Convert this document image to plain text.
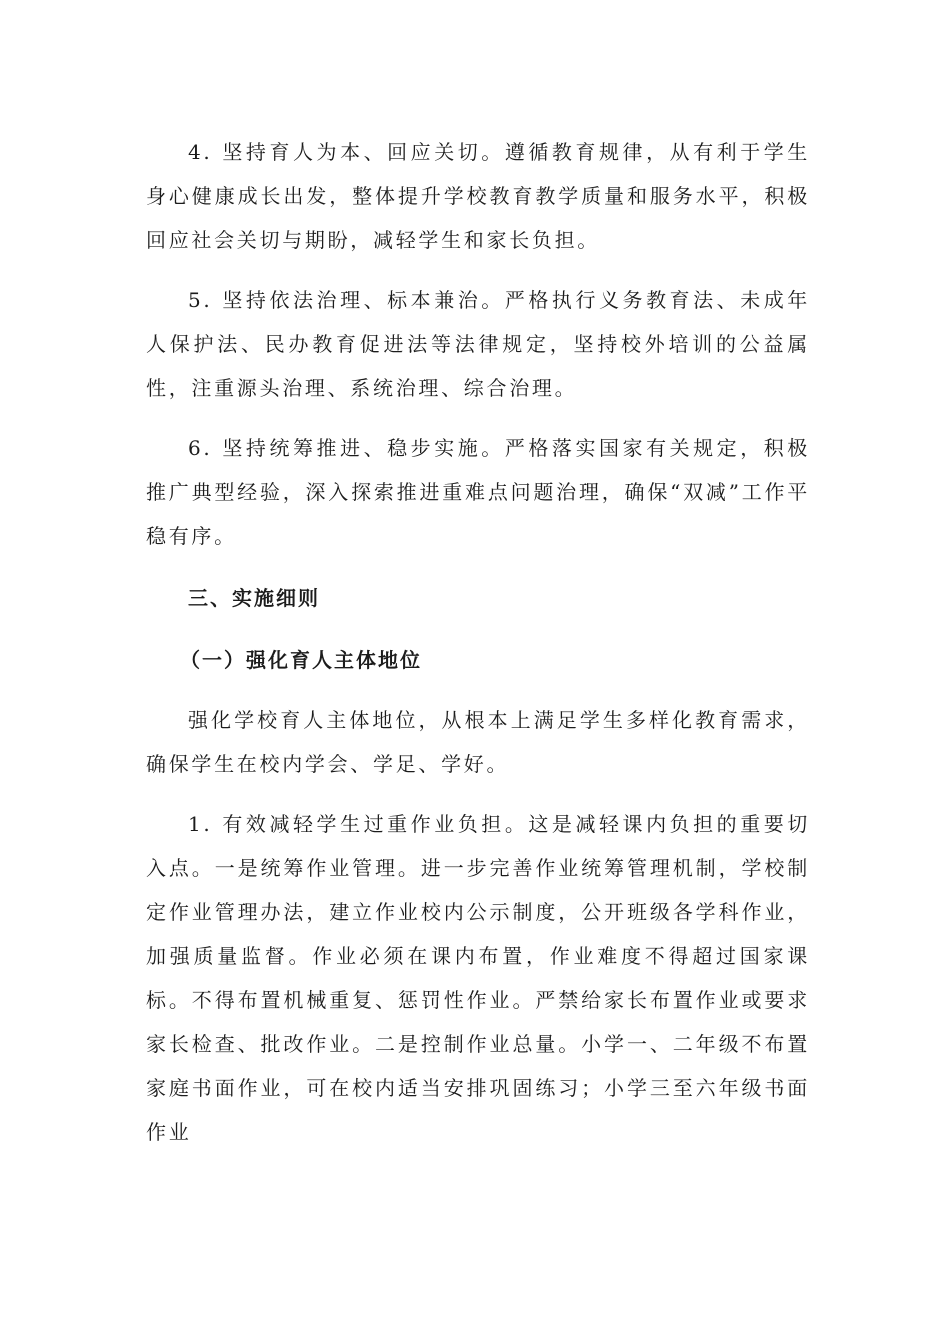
4. 坚持育人为本、回应关切。遵循教育规律，从有利于学生身心健康成长出发，整体提升学校教育教学质量和服务水平，积极回应社会关切与期盼，减轻学生和家长负担。

5. 坚持依法治理、标本兼治。严格执行义务教育法、未成年人保护法、民办教育促进法等法律规定，坚持校外培训的公益属性，注重源头治理、系统治理、综合治理。

6. 坚持统筹推进、稳步实施。严格落实国家有关规定，积极推广典型经验，深入探索推进重难点问题治理，确保“双减”工作平稳有序。

三、实施细则

（一）强化育人主体地位

强化学校育人主体地位，从根本上满足学生多样化教育需求，确保学生在校内学会、学足、学好。

1. 有效减轻学生过重作业负担。这是减轻课内负担的重要切入点。一是统筹作业管理。进一步完善作业统筹管理机制，学校制定作业管理办法，建立作业校内公示制度，公开班级各学科作业，加强质量监督。作业必须在课内布置，作业难度不得超过国家课标。不得布置机械重复、惩罚性作业。严禁给家长布置作业或要求家长检查、批改作业。二是控制作业总量。小学一、二年级不布置家庭书面作业，可在校内适当安排巩固练习；小学三至六年级书面作业
